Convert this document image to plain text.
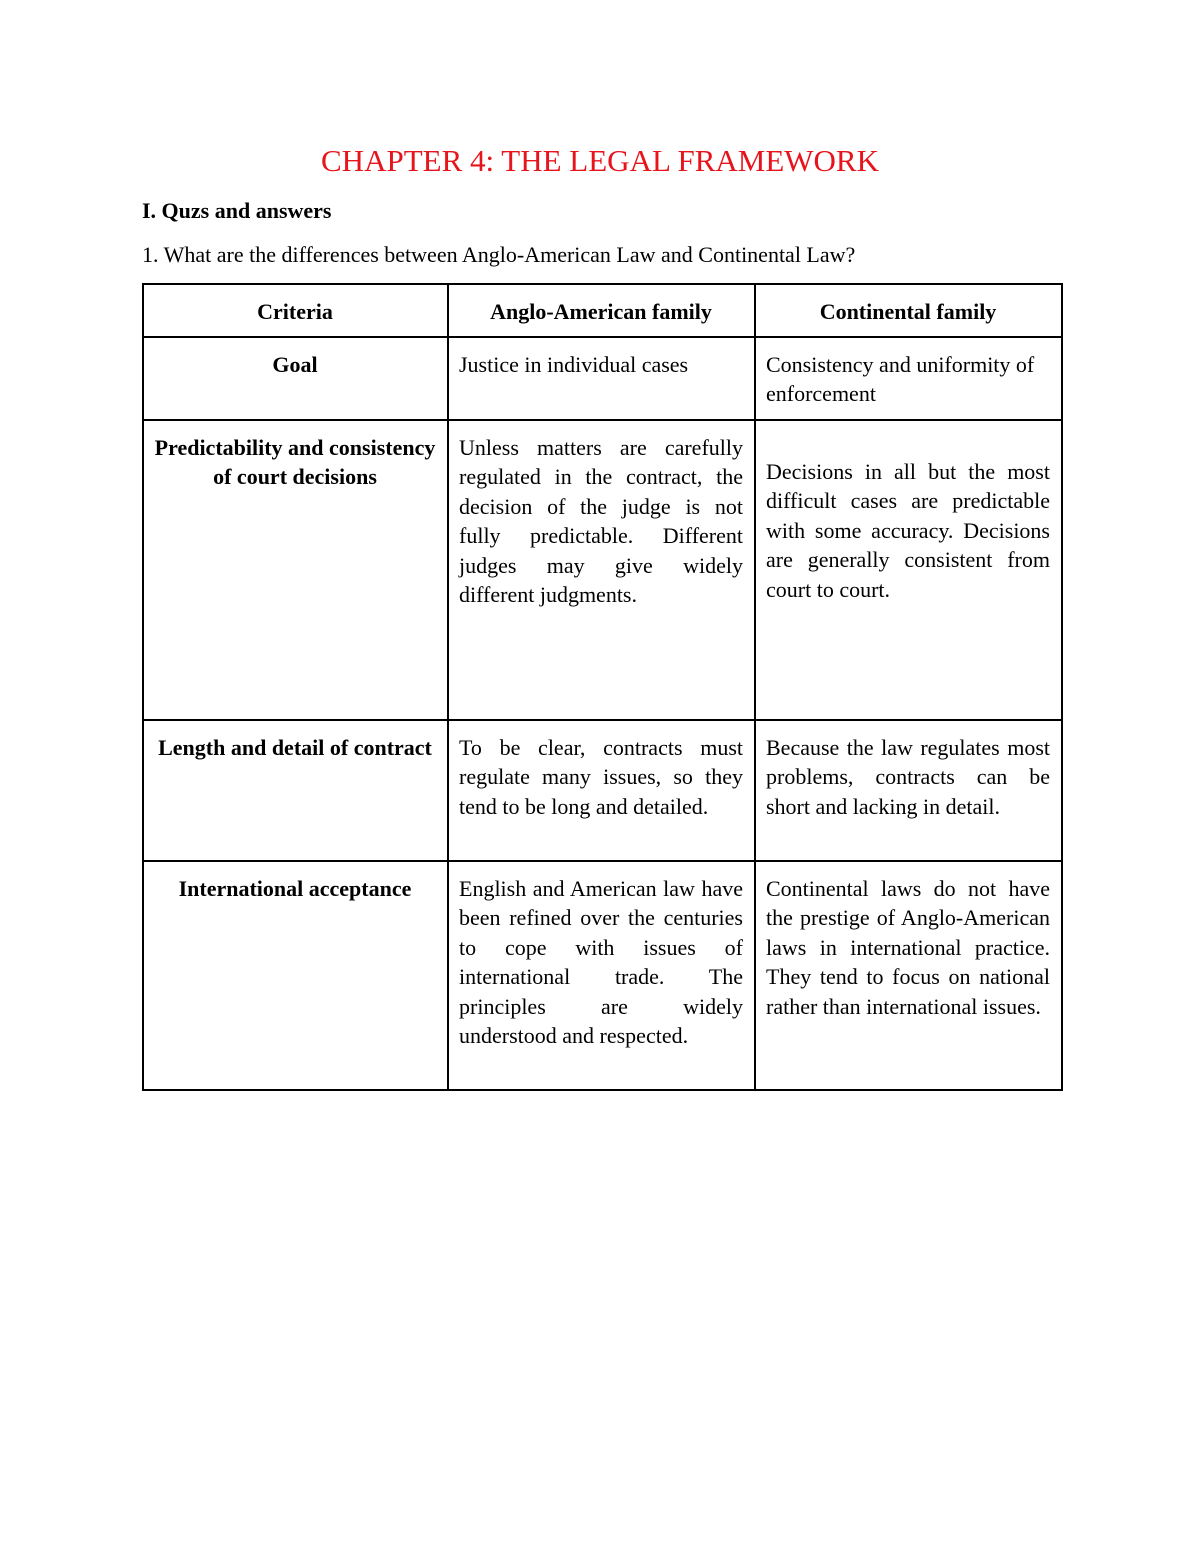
CHAPTER 4: THE LEGAL FRAMEWORK

I. Quzs and answers

1. What are the differences between Anglo-American Law and Continental Law?

Criteria	Anglo-American family	Continental family
Goal	Justice in individual cases	Consistency and uniformity of enforcement
Predictability and consistency of court decisions	Unless matters are carefully regulated in the contract, the decision of the judge is not fully predictable. Different judges may give widely different judgments.	Decisions in all but the most difficult cases are predictable with some accuracy. Decisions are generally consistent from court to court.
Length and detail of contract	To be clear, contracts must regulate many issues, so they tend to be long and detailed.	Because the law regulates most problems, contracts can be short and lacking in detail.
International acceptance	English and American law have been refined over the centuries to cope with issues of international trade. The principles are widely understood and respected.	Continental laws do not have the prestige of Anglo-American laws in international practice. They tend to focus on national rather than international issues.
